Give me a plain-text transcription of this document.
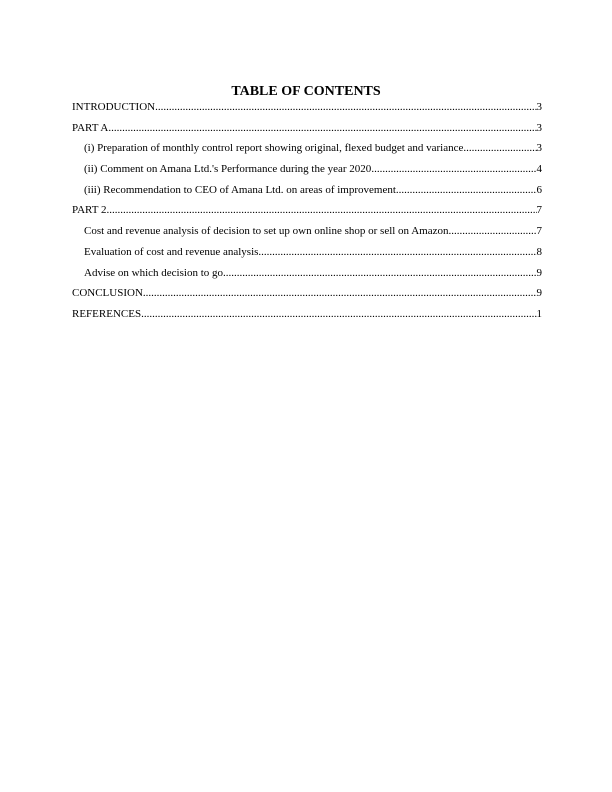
TABLE OF CONTENTS
INTRODUCTION .....	3
PART A .....	3
(i) Preparation of monthly control report showing original, flexed budget and variance .....	3
(ii) Comment on Amana Ltd.'s Performance during the year 2020 .....	4
(iii) Recommendation to CEO of Amana Ltd. on areas of improvement .....	6
PART 2 .....	7
Cost and revenue analysis of decision to set up own online shop or sell on Amazon .....	7
Evaluation of cost and revenue analysis .....	8
Advise on which decision to go .....	9
CONCLUSION .....	9
REFERENCES .....	1
